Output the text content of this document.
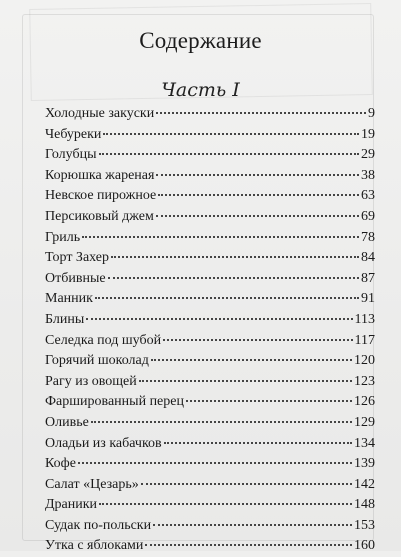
Содержание
Часть I
Холодные закуски	9
Чебуреки	19
Голубцы	29
Корюшка жареная	38
Невское пирожное	63
Персиковый джем	69
Гриль	78
Торт Захер	84
Отбивные	87
Манник	91
Блины	113
Селедка под шубой	117
Горячий шоколад	120
Рагу из овощей	123
Фаршированный перец	126
Оливье	129
Оладьи из кабачков	134
Кофе	139
Салат «Цезарь»	142
Драники	148
Судак по-польски	153
Утка с яблоками	160
